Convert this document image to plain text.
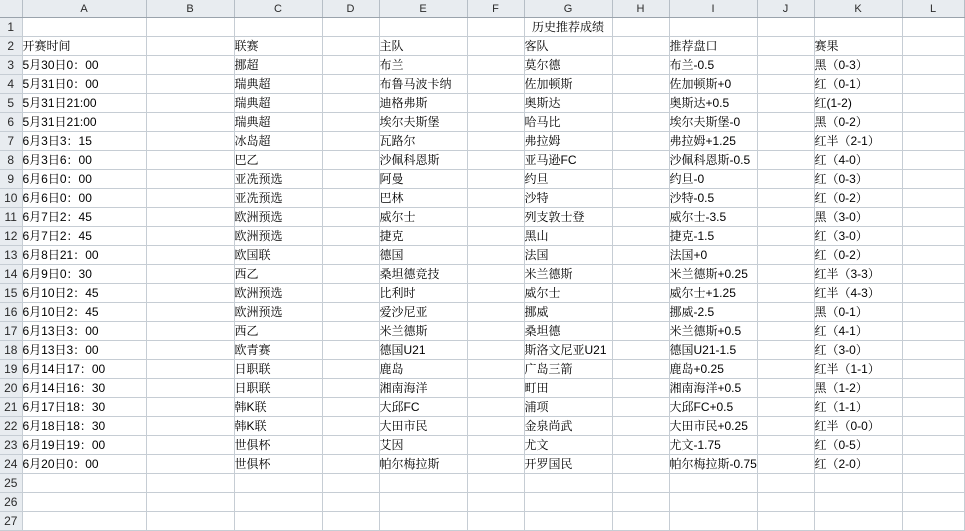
	A	B	C	D	E	F	G	H	I	J	K	L
1							历史推荐成绩					
2	开赛时间		联赛		主队		客队		推荐盘口		赛果	
3	5月30日0：00		挪超		布兰		莫尔德		布兰-0.5		黑（0-3）	
4	5月31日0：00		瑞典超		布鲁马波卡纳		佐加顿斯		佐加顿斯+0		红（0-1）	
5	5月31日21:00		瑞典超		迪格弗斯		奥斯达		奥斯达+0.5		红(1-2)	
6	5月31日21:00		瑞典超		埃尔夫斯堡		哈马比		埃尔夫斯堡-0		黑（0-2）	
7	6月3日3：15		冰岛超		瓦路尔		弗拉姆		弗拉姆+1.25		红半（2-1）	
8	6月3日6：00		巴乙		沙佩科恩斯		亚马逊FC		沙佩科恩斯-0.5		红（4-0）	
9	6月6日0：00		亚冼预选		阿曼		约旦		约旦-0		红（0-3）	
10	6月6日0：00		亚冼预选		巴林		沙特		沙特-0.5		红（0-2）	
11	6月7日2：45		欧洲预选		威尔士		列支敦士登		威尔士-3.5		黑（3-0）	
12	6月7日2：45		欧洲预选		捷克		黑山		捷克-1.5		红（3-0）	
13	6月8日21：00		欧国联		德国		法国		法国+0		红（0-2）	
14	6月9日0：30		西乙		桑坦德竞技		米兰德斯		米兰德斯+0.25		红半（3-3）	
15	6月10日2：45		欧洲预选		比利时		威尔士		威尔士+1.25		红半（4-3）	
16	6月10日2：45		欧洲预选		爱沙尼亚		挪威		挪威-2.5		黑（0-1）	
17	6月13日3：00		西乙		米兰德斯		桑坦德		米兰德斯+0.5		红（4-1）	
18	6月13日3：00		欧青赛		德国U21		斯洛文尼亚U21		德国U21-1.5		红（3-0）	
19	6月14日17：00		日职联		鹿岛		广岛三箭		鹿岛+0.25		红半（1-1）	
20	6月14日16：30		日职联		湘南海洋		町田		湘南海洋+0.5		黑（1-2）	
21	6月17日18：30		韩K联		大邱FC		浦项		大邱FC+0.5		红（1-1）	
22	6月18日18：30		韩K联		大田市民		金泉尚武		大田市民+0.25		红半（0-0）	
23	6月19日19：00		世俱杯		艾因		尤文		尤文-1.75		红（0-5）	
24	6月20日0：00		世俱杯		帕尔梅拉斯		开罗国民		帕尔梅拉斯-0.75		红（2-0）	
25												
26												
27												
